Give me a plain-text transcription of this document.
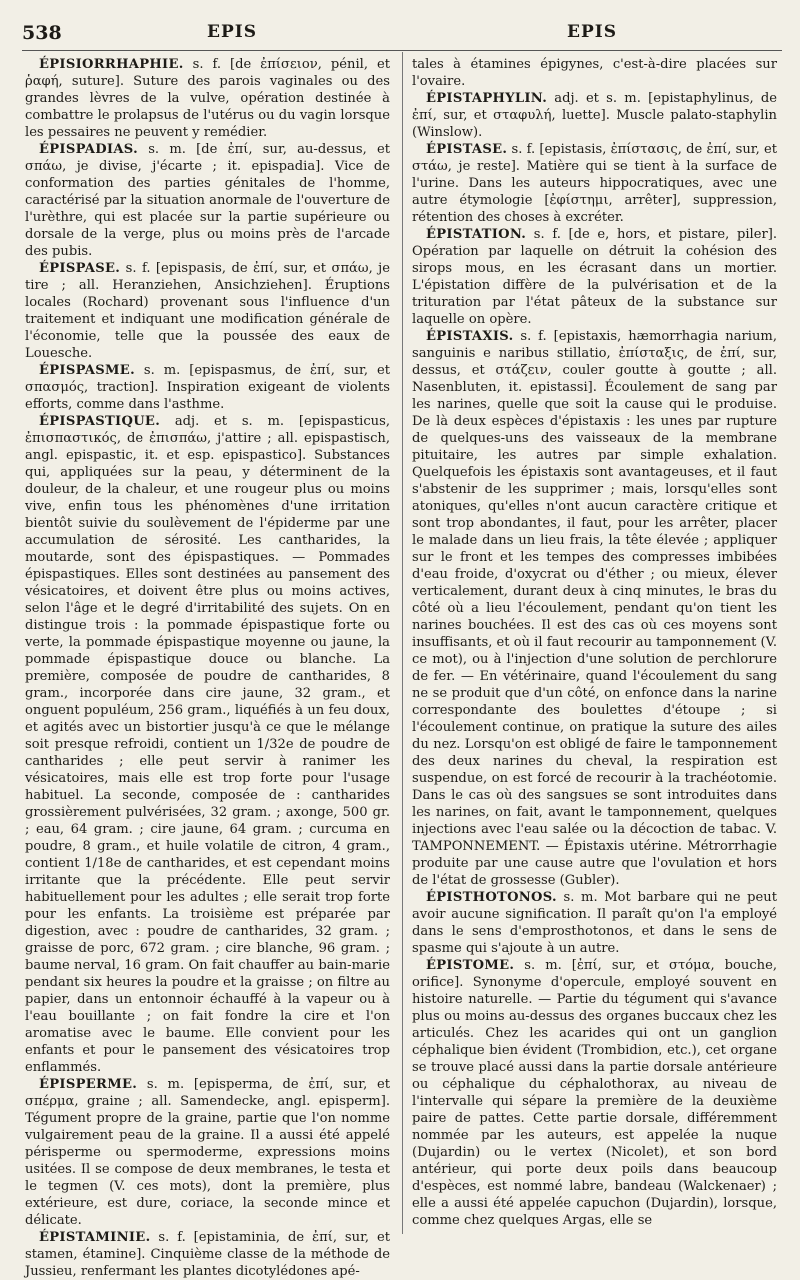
538	EPIS	EPIS

ÉPISIORRHAPHIE. s. f. [de ἐπίσειον, pénil, et ῥαφή, suture]. Suture des parois vaginales ou des grandes lèvres de la vulve, opération destinée à combattre le prolapsus de l'utérus ou du vagin lorsque les pessaires ne peuvent y remédier.

ÉPISPADIAS. s. m. [de ἐπί, sur, au-dessus, et σπάω, je divise, j'écarte ; it. epispadia]. Vice de conformation des parties génitales de l'homme, caractérisé par la situation anormale de l'ouverture de l'urèthre, qui est placée sur la partie supérieure ou dorsale de la verge, plus ou moins près de l'arcade des pubis.

ÉPISPASE. s. f. [epispasis, de ἐπί, sur, et σπάω, je tire ; all. Heranziehen, Ansichziehen]. Éruptions locales (Rochard) provenant sous l'influence d'un traitement et indiquant une modification générale de l'économie, telle que la poussée des eaux de Louesche.

ÉPISPASME. s. m. [epispasmus, de ἐπί, sur, et σπασμός, traction]. Inspiration exigeant de violents efforts, comme dans l'asthme.

ÉPISPASTIQUE. adj. et s. m. [epispasticus, ἐπισπαστικός, de ἐπισπάω, j'attire ; all. epispastisch, angl. epispastic, it. et esp. epispastico]. Substances qui, appliquées sur la peau, y déterminent de la douleur, de la chaleur, et une rougeur plus ou moins vive, enfin tous les phénomènes d'une irritation bientôt suivie du soulèvement de l'épiderme par une accumulation de sérosité. Les cantharides, la moutarde, sont des épispastiques. — Pommades épispastiques. Elles sont destinées au pansement des vésicatoires, et doivent être plus ou moins actives, selon l'âge et le degré d'irritabilité des sujets. On en distingue trois : la pommade épispastique forte ou verte, la pommade épispastique moyenne ou jaune, la pommade épispastique douce ou blanche. La première, composée de poudre de cantharides, 8 gram., incorporée dans cire jaune, 32 gram., et onguent populéum, 256 gram., liquéfiés à un feu doux, et agités avec un bistortier jusqu'à ce que le mélange soit presque refroidi, contient un 1/32e de poudre de cantharides ; elle peut servir à ranimer les vésicatoires, mais elle est trop forte pour l'usage habituel. La seconde, composée de : cantharides grossièrement pulvérisées, 32 gram. ; axonge, 500 gr. ; eau, 64 gram. ; cire jaune, 64 gram. ; curcuma en poudre, 8 gram., et huile volatile de citron, 4 gram., contient 1/18e de cantharides, et est cependant moins irritante que la précédente. Elle peut servir habituellement pour les adultes ; elle serait trop forte pour les enfants. La troisième est préparée par digestion, avec : poudre de cantharides, 32 gram. ; graisse de porc, 672 gram. ; cire blanche, 96 gram. ; baume nerval, 16 gram. On fait chauffer au bain-marie pendant six heures la poudre et la graisse ; on filtre au papier, dans un entonnoir échauffé à la vapeur ou à l'eau bouillante ; on fait fondre la cire et l'on aromatise avec le baume. Elle convient pour les enfants et pour le pansement des vésicatoires trop enflammés.

ÉPISPERME. s. m. [episperma, de ἐπί, sur, et σπέρμα, graine ; all. Samendecke, angl. episperm]. Tégument propre de la graine, partie que l'on nomme vulgairement peau de la graine. Il a aussi été appelé périsperme ou spermoderme, expressions moins usitées. Il se compose de deux membranes, le testa et le tegmen (V. ces mots), dont la première, plus extérieure, est dure, coriace, la seconde mince et délicate.

ÉPISTAMINIE. s. f. [epistaminia, de ἐπί, sur, et stamen, étamine]. Cinquième classe de la méthode de Jussieu, renfermant les plantes dicotylédones apé-

tales à étamines épigynes, c'est-à-dire placées sur l'ovaire.

ÉPISTAPHYLIN. adj. et s. m. [epistaphylinus, de ἐπί, sur, et σταφυλή, luette]. Muscle palato-staphylin (Winslow).

ÉPISTASE. s. f. [epistasis, ἐπίστασις, de ἐπί, sur, et στάω, je reste]. Matière qui se tient à la surface de l'urine. Dans les auteurs hippocratiques, avec une autre étymologie [ἐφίστημι, arrêter], suppression, rétention des choses à excréter.

ÉPISTATION. s. f. [de e, hors, et pistare, piler]. Opération par laquelle on détruit la cohésion des sirops mous, en les écrasant dans un mortier. L'épistation diffère de la pulvérisation et de la trituration par l'état pâteux de la substance sur laquelle on opère.

ÉPISTAXIS. s. f. [epistaxis, hæmorrhagia narium, sanguinis e naribus stillatio, ἐπίσταξις, de ἐπί, sur, dessus, et στάζειν, couler goutte à goutte ; all. Nasenbluten, it. epistassi]. Écoulement de sang par les narines, quelle que soit la cause qui le produise. De là deux espèces d'épistaxis : les unes par rupture de quelques-uns des vaisseaux de la membrane pituitaire, les autres par simple exhalation. Quelquefois les épistaxis sont avantageuses, et il faut s'abstenir de les supprimer ; mais, lorsqu'elles sont atoniques, qu'elles n'ont aucun caractère critique et sont trop abondantes, il faut, pour les arrêter, placer le malade dans un lieu frais, la tête élevée ; appliquer sur le front et les tempes des compresses imbibées d'eau froide, d'oxycrat ou d'éther ; ou mieux, élever verticalement, durant deux à cinq minutes, le bras du côté où a lieu l'écoulement, pendant qu'on tient les narines bouchées. Il est des cas où ces moyens sont insuffisants, et où il faut recourir au tamponnement (V. ce mot), ou à l'injection d'une solution de perchlorure de fer. — En vétérinaire, quand l'écoulement du sang ne se produit que d'un côté, on enfonce dans la narine correspondante des boulettes d'étoupe ; si l'écoulement continue, on pratique la suture des ailes du nez. Lorsqu'on est obligé de faire le tamponnement des deux narines du cheval, la respiration est suspendue, on est forcé de recourir à la trachéotomie. Dans le cas où des sangsues se sont introduites dans les narines, on fait, avant le tamponnement, quelques injections avec l'eau salée ou la décoction de tabac. V. TAMPONNEMENT. — Épistaxis utérine. Métrorrhagie produite par une cause autre que l'ovulation et hors de l'état de grossesse (Gubler).

ÉPISTHOTONOS. s. m. Mot barbare qui ne peut avoir aucune signification. Il paraît qu'on l'a employé dans le sens d'emprosthotonos, et dans le sens de spasme qui s'ajoute à un autre.

ÉPISTOME. s. m. [ἐπί, sur, et στόμα, bouche, orifice]. Synonyme d'opercule, employé souvent en histoire naturelle. — Partie du tégument qui s'avance plus ou moins au-dessus des organes buccaux chez les articulés. Chez les acarides qui ont un ganglion céphalique bien évident (Trombidion, etc.), cet organe se trouve placé aussi dans la partie dorsale antérieure ou céphalique du céphalothorax, au niveau de l'intervalle qui sépare la première de la deuxième paire de pattes. Cette partie dorsale, différemment nommée par les auteurs, est appelée la nuque (Dujardin) ou le vertex (Nicolet), et son bord antérieur, qui porte deux poils dans beaucoup d'espèces, est nommé labre, bandeau (Walckenaer) ; elle a aussi été appelée capuchon (Dujardin), lorsque, comme chez quelques Argas, elle se
